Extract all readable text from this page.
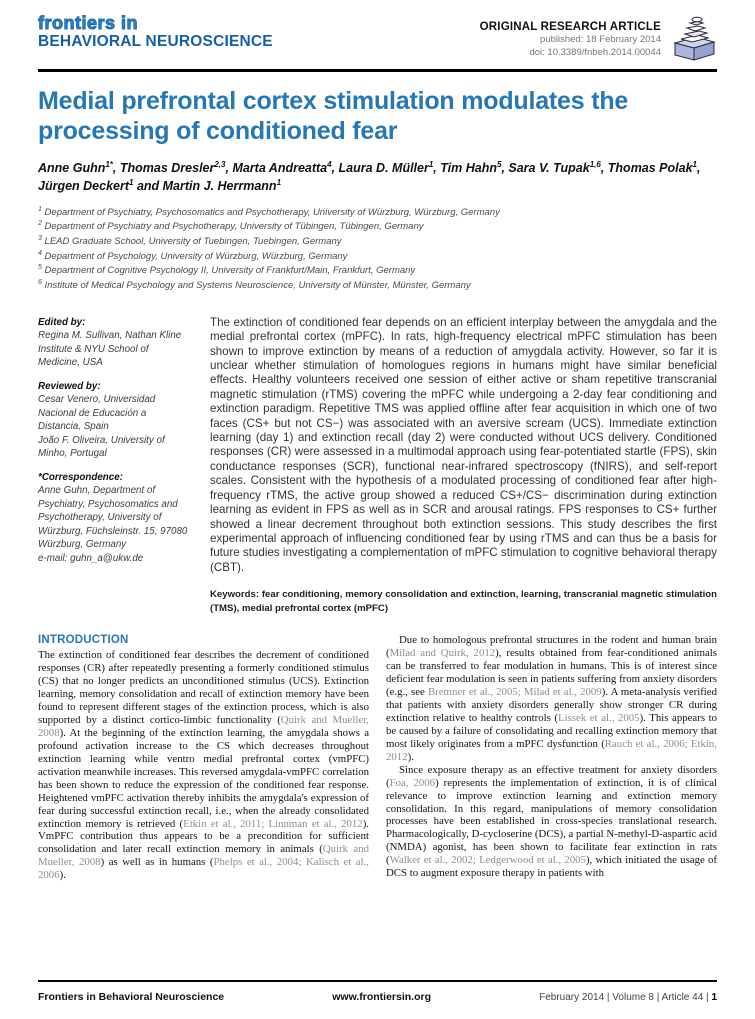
frontiers in
BEHAVIORAL NEUROSCIENCE
ORIGINAL RESEARCH ARTICLE
published: 18 February 2014
doi: 10.3389/fnbeh.2014.00044
Medial prefrontal cortex stimulation modulates the processing of conditioned fear
Anne Guhn$^{1*}$, Thomas Dresler$^{2,3}$, Marta Andreatta$^4$, Laura D. Müller$^1$, Tim Hahn$^5$, Sara V. Tupak$^{1,6}$, Thomas Polak$^1$, Jürgen Deckert$^1$ and Martin J. Herrmann$^1$
$^1$ Department of Psychiatry, Psychosomatics and Psychotherapy, University of Würzburg, Würzburg, Germany
$^2$ Department of Psychiatry and Psychotherapy, University of Tübingen, Tübingen, Germany
$^3$ LEAD Graduate School, University of Tuebingen, Tuebingen, Germany
$^4$ Department of Psychology, University of Würzburg, Würzburg, Germany
$^5$ Department of Cognitive Psychology II, University of Frankfurt/Main, Frankfurt, Germany
$^6$ Institute of Medical Psychology and Systems Neuroscience, University of Münster, Münster, Germany
Edited by:
Regina M. Sullivan, Nathan Kline Institute & NYU School of Medicine, USA
Reviewed by:
Cesar Venero, Universidad Nacional de Educación a Distancia, Spain
João F. Oliveira, University of Minho, Portugal
*Correspondence:
Anne Guhn, Department of Psychiatry, Psychosomatics and Psychotherapy, University of Würzburg, Füchsleinstr. 15, 97080 Würzburg, Germany
e-mail: guhn_a@ukw.de
The extinction of conditioned fear depends on an efficient interplay between the amygdala and the medial prefrontal cortex (mPFC). In rats, high-frequency electrical mPFC stimulation has been shown to improve extinction by means of a reduction of amygdala activity. However, so far it is unclear whether stimulation of homologues regions in humans might have similar beneficial effects. Healthy volunteers received one session of either active or sham repetitive transcranial magnetic stimulation (rTMS) covering the mPFC while undergoing a 2-day fear conditioning and extinction paradigm. Repetitive TMS was applied offline after fear acquisition in which one of two faces (CS+ but not CS−) was associated with an aversive scream (UCS). Immediate extinction learning (day 1) and extinction recall (day 2) were conducted without UCS delivery. Conditioned responses (CR) were assessed in a multimodal approach using fear-potentiated startle (FPS), skin conductance responses (SCR), functional near-infrared spectroscopy (fNIRS), and self-report scales. Consistent with the hypothesis of a modulated processing of conditioned fear after high-frequency rTMS, the active group showed a reduced CS+/CS− discrimination during extinction learning as evident in FPS as well as in SCR and arousal ratings. FPS responses to CS+ further showed a linear decrement throughout both extinction sessions. This study describes the first experimental approach of influencing conditioned fear by using rTMS and can thus be a basis for future studies investigating a complementation of mPFC stimulation to cognitive behavioral therapy (CBT).
Keywords: fear conditioning, memory consolidation and extinction, learning, transcranial magnetic stimulation (TMS), medial prefrontal cortex (mPFC)
INTRODUCTION

The extinction of conditioned fear describes the decrement of conditioned responses (CR) after repeatedly presenting a formerly conditioned stimulus (CS) that no longer predicts an unconditioned stimulus (UCS). Extinction learning, memory consolidation and recall of extinction memory have been found to represent different stages of the extinction process, which is also supported by a distinct cortico-limbic functionality (Quirk and Mueller, 2008). At the beginning of the extinction learning, the amygdala shows a profound activation increase to the CS which decreases throughout extinction learning while ventro medial prefrontal cortex (vmPFC) activation meanwhile increases. This reversed amygdala-vmPFC correlation has been shown to reduce the expression of the conditioned fear response. Heightened vmPFC activation thereby inhibits the amygdala's expression of fear during successful extinction recall, i.e., when the already consolidated extinction memory is retrieved (Etkin et al., 2011; Linnman et al., 2012). VmPFC contribution thus appears to be a precondition for sufficient consolidation and later recall extinction memory in animals (Quirk and Mueller, 2008) as well as in humans (Phelps et al., 2004; Kalisch et al., 2006).

Due to homologous prefrontal structures in the rodent and human brain (Milad and Quirk, 2012), results obtained from fear-conditioned animals can be transferred to fear modulation in humans. This is of interest since deficient fear modulation is seen in patients suffering from anxiety disorders (e.g., see Bremner et al., 2005; Milad et al., 2009). A meta-analysis verified that patients with anxiety disorders generally show stronger CR during extinction relative to healthy controls (Lissek et al., 2005). This appears to be caused by a failure of consolidating and recalling extinction memory that most likely originates from a mPFC dysfunction (Rauch et al., 2006; Etkin, 2012).

Since exposure therapy as an effective treatment for anxiety disorders (Foa, 2006) represents the implementation of extinction, it is of clinical relevance to improve extinction learning and extinction memory consolidation. In this regard, manipulations of memory consolidation processes have been established in cross-species translational research. Pharmacologically, D-cycloserine (DCS), a partial N-methyl-D-aspartic acid (NMDA) agonist, has been shown to facilitate fear extinction in rats (Walker et al., 2002; Ledgerwood et al., 2005), which initiated the usage of DCS to augment exposure therapy in patients with

Frontiers in Behavioral Neuroscience	www.frontiersin.org	February 2014 | Volume 8 | Article 44 | 1
